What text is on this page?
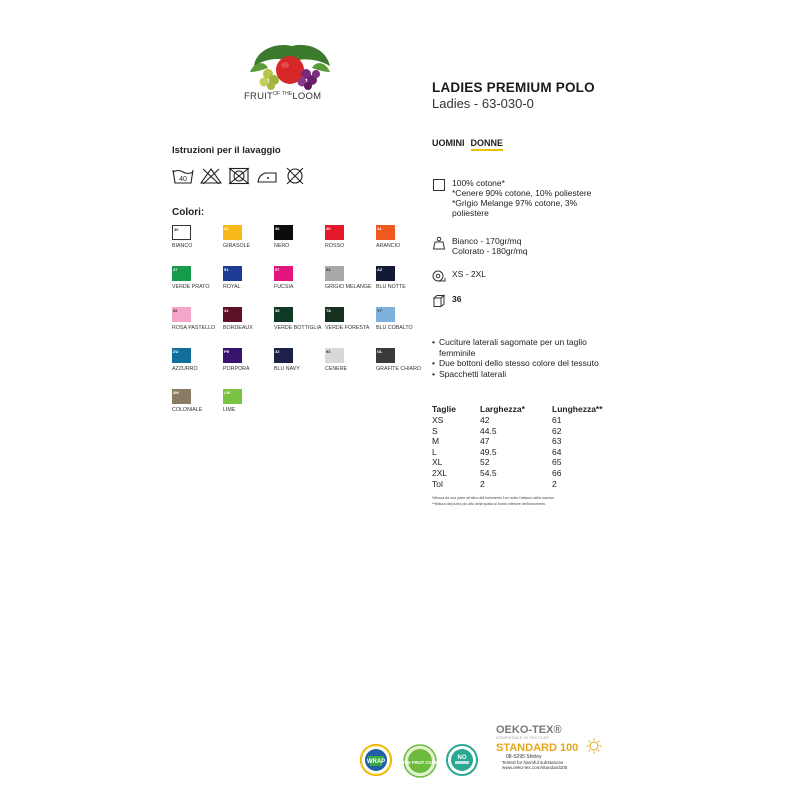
$FRUIT^{OF THE}LOOM$
LADIES PREMIUM POLO
Ladies - 63-030-0
UOMINI DONNE
Istruzioni per il lavaggio
40
Colori:
30
BIANCO
34
GIRASOLE
36
NERO
40
ROSSO
44
ARANCIO
47
VERDE PRATO
51
ROYAL
57
FUCSIA
94
GRIGIO MELANGE
AZ
BLU NOTTE
52
ROSA PASTELLO
41
BORDEAUX
38
VERDE BOTTIGLIA
TA
VERDE FORESTA
YT
BLU COBALTO
ZU
AZZURRO
PE
PORPORA
32
BLU NAVY
93
CENERE
GL
GRAFITE CHIARO
3M
COLONIALE
LM
LIME
100% cotone*
*Cenere 90% cotone, 10% poliestere
*Grigio Melange 97% cotone, 3%
poliestere
Bianco - 170gr/mq
Colorato - 180gr/mq
XS - 2XL
36
• Cuciture laterali sagomate per un taglio
femminile
• Due bottoni dello stesso colore del tessuto
• Spacchetti laterali
Taglie	Larghezza*	Lunghezza**
XS	42	61
S	44.5	62
M	47	63
L	49.5	64
XL	52	65
2XL	54.5	66
Tol	2	2
*Misura da una parte all'altra dell'indumento 1cm sotto l'attacco della manica
**Misura dal punto più alto della spalla al bordo inferiore dell'indumento.
WRAP	THE FRUIT CODE
NO
OEKO-TEX®
CONFIDENCE IN TEXTILES
STANDARD 100
08-S295 Shirley
Tested for harmful substances
www.oeko-tex.com/standard100
